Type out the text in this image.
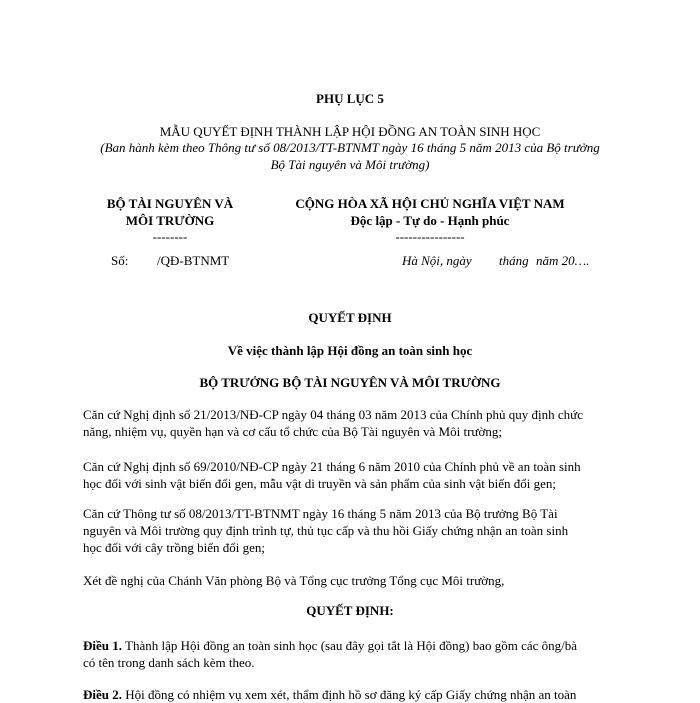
PHỤ LỤC 5
MẪU QUYẾT ĐỊNH THÀNH LẬP HỘI ĐỒNG AN TOÀN SINH HỌC
(Ban hành kèm theo Thông tư số 08/2013/TT-BTNMT ngày 16 tháng 5 năm 2013 của Bộ trưởng
Bộ Tài nguyên và Môi trường)
BỘ TÀI NGUYÊN VÀ
MÔI TRƯỜNG
--------
CỘNG HÒA XÃ HỘI CHỦ NGHĨA VIỆT NAM
Độc lập - Tự do - Hạnh phúc
----------------
Số: /QĐ-BTNMT	Hà Nội, ngày tháng năm 20….
QUYẾT ĐỊNH
Về việc thành lập Hội đồng an toàn sinh học
BỘ TRƯỞNG BỘ TÀI NGUYÊN VÀ MÔI TRƯỜNG
Căn cứ Nghị định số 21/2013/NĐ-CP ngày 04 tháng 03 năm 2013 của Chính phủ quy định chức
năng, nhiệm vụ, quyền hạn và cơ cấu tổ chức của Bộ Tài nguyên và Môi trường;
Căn cứ Nghị định số 69/2010/NĐ-CP ngày 21 tháng 6 năm 2010 của Chính phủ về an toàn sinh
học đối với sinh vật biến đổi gen, mẫu vật di truyền và sản phẩm của sinh vật biến đổi gen;
Căn cứ Thông tư số 08/2013/TT-BTNMT ngày 16 tháng 5 năm 2013 của Bộ trưởng Bộ Tài
nguyên và Môi trường quy định trình tự, thủ tục cấp và thu hồi Giấy chứng nhận an toàn sinh
học đối với cây trồng biến đổi gen;
Xét đề nghị của Chánh Văn phòng Bộ và Tổng cục trưởng Tổng cục Môi trường,
QUYẾT ĐỊNH:
Điều 1. Thành lập Hội đồng an toàn sinh học (sau đây gọi tắt là Hội đồng) bao gồm các ông/bà
có tên trong danh sách kèm theo.
Điều 2. Hội đồng có nhiệm vụ xem xét, thẩm định hồ sơ đăng ký cấp Giấy chứng nhận an toàn
